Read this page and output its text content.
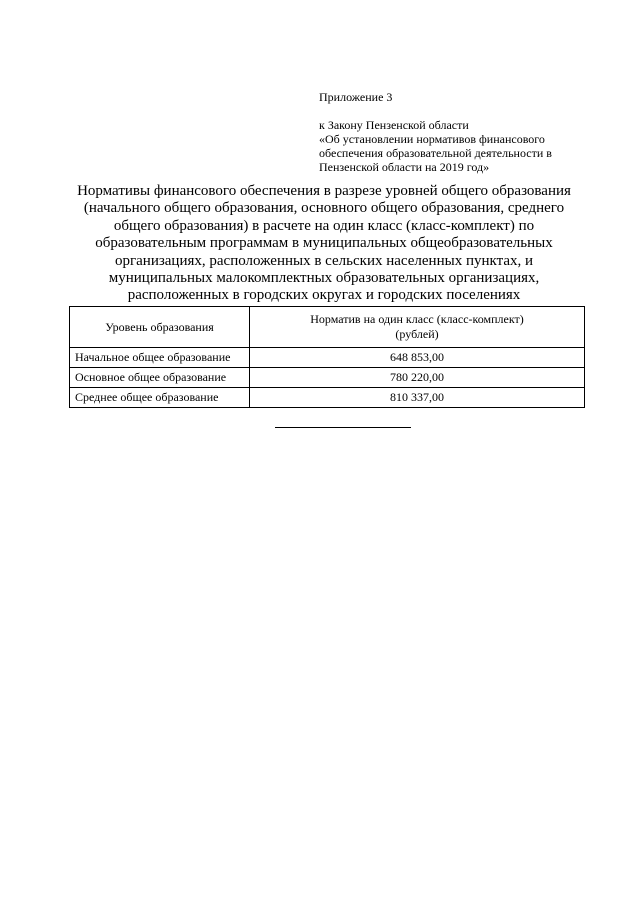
Приложение 3
к Закону Пензенской области
«Об установлении нормативов финансового
обеспечения образовательной деятельности в
Пензенской области на 2019 год»
Нормативы финансового обеспечения в разрезе уровней общего образования
(начального общего образования, основного общего образования, среднего
общего образования) в расчете на один класс (класс-комплект) по
образовательным программам в муниципальных общеобразовательных
организациях, расположенных в сельских населенных пунктах, и
муниципальных малокомплектных образовательных организациях,
расположенных в городских округах и городских поселениях
Уровень образования	Норматив на один класс (класс-комплект)
(рублей)

Начальное общее образование	648 853,00
Основное общее образование	780 220,00
Среднее общее образование	810 337,00
